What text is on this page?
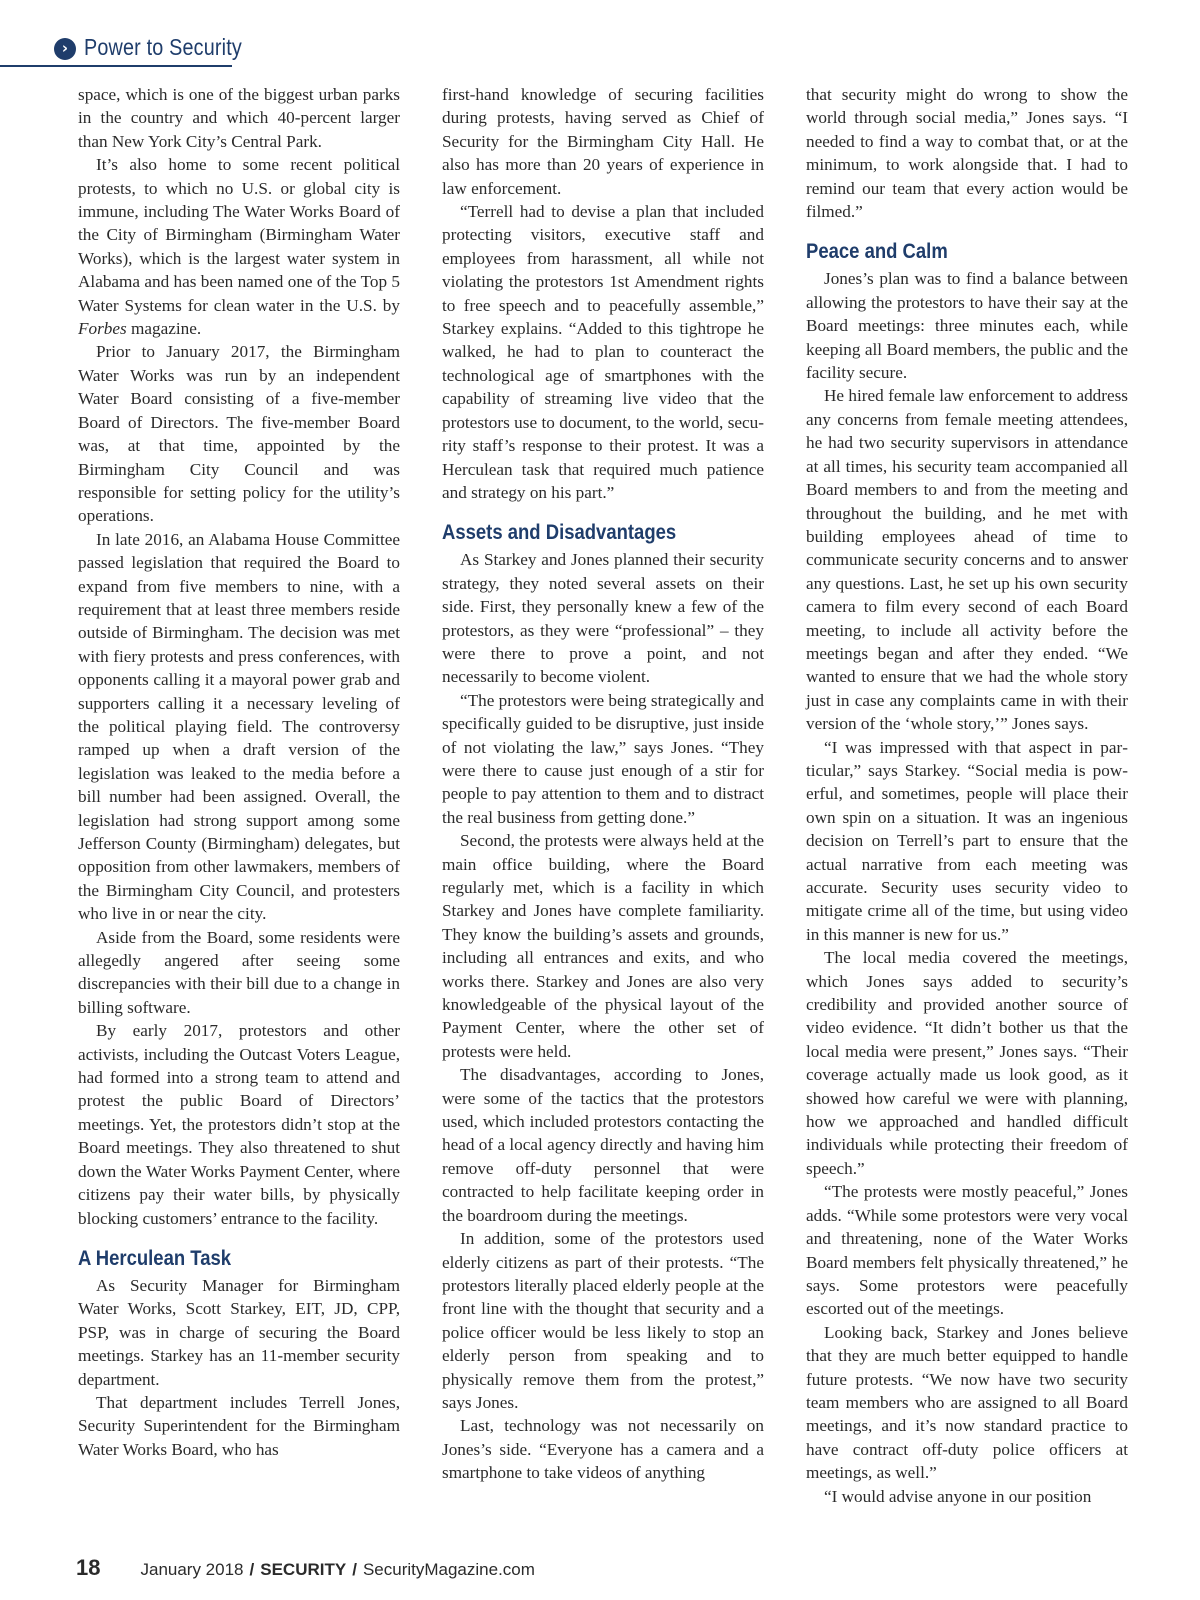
› Power to Security

space, which is one of the biggest urban parks in the country and which 40-percent larger than New York City’s Central Park.

It’s also home to some recent political protests, to which no U.S. or global city is immune, including The Water Works Board of the City of Birmingham (Birmingham Water Works), which is the largest water system in Alabama and has been named one of the Top 5 Water Systems for clean water in the U.S. by Forbes magazine.

Prior to January 2017, the Birmingham Water Works was run by an independent Water Board consisting of a five-member Board of Directors. The five-member Board was, at that time, appointed by the Birmingham City Council and was responsible for setting policy for the utility’s operations.

In late 2016, an Alabama House Committee passed legislation that required the Board to expand from five members to nine, with a requirement that at least three members reside outside of Birmingham. The decision was met with fiery protests and press conferences, with opponents calling it a mayoral power grab and supporters calling it a necessary leveling of the political playing field. The controversy ramped up when a draft version of the legislation was leaked to the media before a bill number had been assigned. Overall, the legislation had strong support among some Jefferson County (Birmingham) delegates, but opposition from other lawmakers, members of the Birmingham City Council, and protesters who live in or near the city.

Aside from the Board, some residents were allegedly angered after seeing some discrepancies with their bill due to a change in billing software.

By early 2017, protestors and other activists, including the Outcast Voters League, had formed into a strong team to attend and protest the public Board of Directors’ meetings. Yet, the protestors didn’t stop at the Board meetings. They also threatened to shut down the Water Works Payment Center, where citizens pay their water bills, by physically blocking customers’ entrance to the facility.

A Herculean Task

As Security Manager for Birmingham Water Works, Scott Starkey, EIT, JD, CPP, PSP, was in charge of securing the Board meetings. Starkey has an 11-member security department.

That department includes Terrell Jones, Security Superintendent for the Birmingham Water Works Board, who has

first-hand knowledge of securing facilities during protests, having served as Chief of Security for the Birmingham City Hall. He also has more than 20 years of experience in law enforcement.

“Terrell had to devise a plan that included protecting visitors, executive staff and employees from harassment, all while not violating the protestors 1st Amendment rights to free speech and to peacefully assemble,” Starkey explains. “Added to this tightrope he walked, he had to plan to counteract the technological age of smartphones with the capability of streaming live video that the protestors use to document, to the world, security staff’s response to their protest. It was a Herculean task that required much patience and strategy on his part.”

Assets and Disadvantages

As Starkey and Jones planned their security strategy, they noted several assets on their side. First, they personally knew a few of the protestors, as they were “professional” – they were there to prove a point, and not necessarily to become violent.

“The protestors were being strategically and specifically guided to be disruptive, just inside of not violating the law,” says Jones. “They were there to cause just enough of a stir for people to pay attention to them and to distract the real business from getting done.”

Second, the protests were always held at the main office building, where the Board regularly met, which is a facility in which Starkey and Jones have complete familiarity. They know the building’s assets and grounds, including all entrances and exits, and who works there. Starkey and Jones are also very knowledgeable of the physical layout of the Payment Center, where the other set of protests were held.

The disadvantages, according to Jones, were some of the tactics that the protestors used, which included protestors contacting the head of a local agency directly and having him remove off-duty personnel that were contracted to help facilitate keeping order in the boardroom during the meetings.

In addition, some of the protestors used elderly citizens as part of their protests. “The protestors literally placed elderly people at the front line with the thought that security and a police officer would be less likely to stop an elderly person from speaking and to physically remove them from the protest,” says Jones.

Last, technology was not necessarily on Jones’s side. “Everyone has a camera and a smartphone to take videos of anything

that security might do wrong to show the world through social media,” Jones says. “I needed to find a way to combat that, or at the minimum, to work alongside that. I had to remind our team that every action would be filmed.”

Peace and Calm

Jones’s plan was to find a balance between allowing the protestors to have their say at the Board meetings: three minutes each, while keeping all Board members, the public and the facility secure.

He hired female law enforcement to address any concerns from female meeting attendees, he had two security supervisors in attendance at all times, his security team accompanied all Board members to and from the meeting and throughout the building, and he met with building employees ahead of time to communicate security concerns and to answer any questions. Last, he set up his own security camera to film every second of each Board meeting, to include all activity before the meetings began and after they ended. “We wanted to ensure that we had the whole story just in case any complaints came in with their version of the ‘whole story,’” Jones says.

“I was impressed with that aspect in particular,” says Starkey. “Social media is powerful, and sometimes, people will place their own spin on a situation. It was an ingenious decision on Terrell’s part to ensure that the actual narrative from each meeting was accurate. Security uses security video to mitigate crime all of the time, but using video in this manner is new for us.”

The local media covered the meetings, which Jones says added to security’s credibility and provided another source of video evidence. “It didn’t bother us that the local media were present,” Jones says. “Their coverage actually made us look good, as it showed how careful we were with planning, how we approached and handled difficult individuals while protecting their freedom of speech.”

“The protests were mostly peaceful,” Jones adds. “While some protestors were very vocal and threatening, none of the Water Works Board members felt physically threatened,” he says. Some protestors were peacefully escorted out of the meetings.

Looking back, Starkey and Jones believe that they are much better equipped to handle future protests. “We now have two security team members who are assigned to all Board meetings, and it’s now standard practice to have contract off-duty police officers at meetings, as well.”

“I would advise anyone in our position

18 January 2018 / SECURITY / SecurityMagazine.com
